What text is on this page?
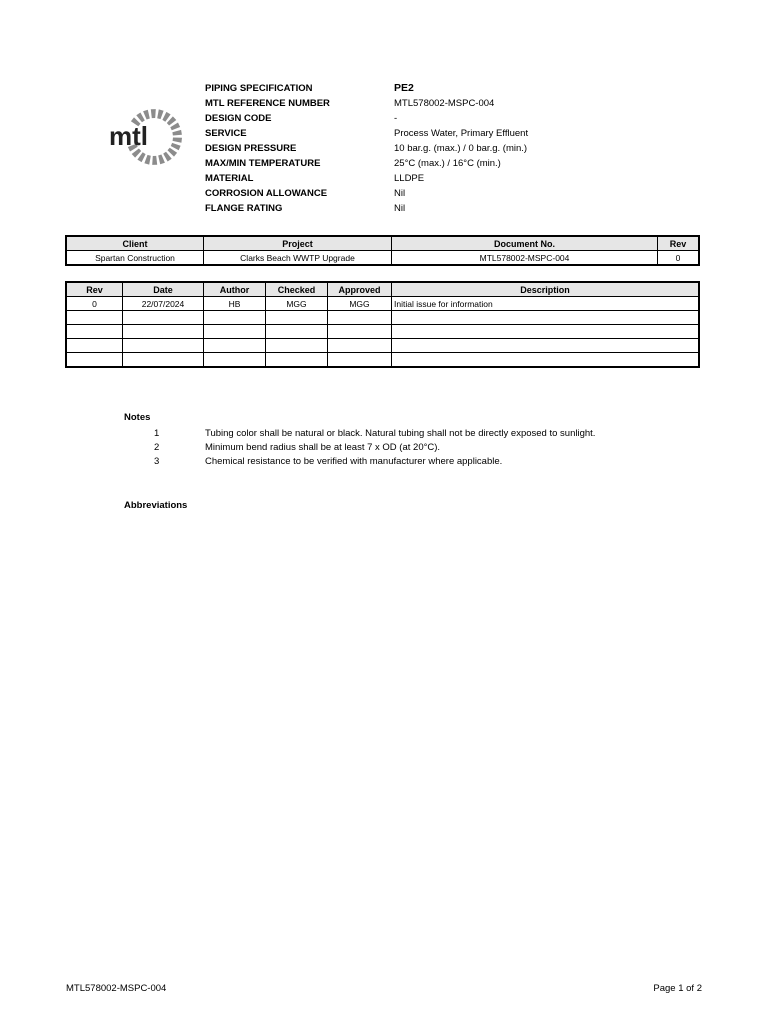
mtl
PIPING SPECIFICATION	PE2
MTL REFERENCE NUMBER	MTL578002-MSPC-004
DESIGN CODE	-
SERVICE	Process Water, Primary Effluent
DESIGN PRESSURE	10 bar.g. (max.) / 0 bar.g. (min.)
MAX/MIN TEMPERATURE	25°C (max.) / 16°C (min.)
MATERIAL	LLDPE
CORROSION ALLOWANCE	Nil
FLANGE RATING	Nil
Client	Project	Document No.	Rev
Spartan Construction	Clarks Beach WWTP Upgrade	MTL578002-MSPC-004	0
Rev	Date	Author	Checked	Approved	Description
0	22/07/2024	HB	MGG	MGG	Initial issue for information

Notes
1	Tubing color shall be natural or black. Natural tubing shall not be directly exposed to sunlight.
2	Minimum bend radius shall be at least 7 x OD (at 20°C).
3	Chemical resistance to be verified with manufacturer where applicable.
Abbreviations
MTL578002-MSPC-004	Page 1 of 2
